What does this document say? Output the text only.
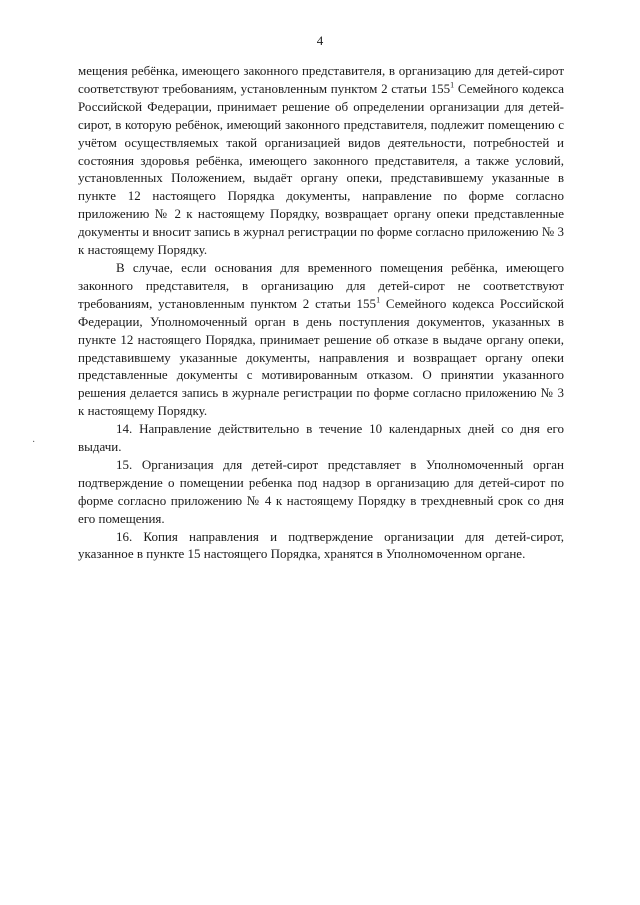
4
·

мещения ребёнка, имеющего законного представителя, в организацию для детей-сирот соответствуют требованиям, установленным пунктом 2 статьи $155^1$ Семейного кодекса Российской Федерации, принимает решение об определении организации для детей-сирот, в которую ребёнок, имеющий законного представителя, подлежит помещению с учётом осуществляемых такой организацией видов деятельности, потребностей и состояния здоровья ребёнка, имеющего законного представителя, а также условий, установленных Положением, выдаёт органу опеки, представившему указанные в пункте 12 настоящего Порядка документы, направление по форме согласно приложению № 2 к настоящему Порядку, возвращает органу опеки представленные документы и вносит запись в журнал регистрации по форме согласно приложению № 3 к настоящему Порядку.

В случае, если основания для временного помещения ребёнка, имеющего законного представителя, в организацию для детей-сирот не соответствуют требованиям, установленным пунктом 2 статьи $155^1$ Семейного кодекса Российской Федерации, Уполномоченный орган в день поступления документов, указанных в пункте 12 настоящего Порядка, принимает решение об отказе в выдаче органу опеки, представившему указанные документы, направления и возвращает органу опеки представленные документы с мотивированным отказом. О принятии указанного решения делается запись в журнале регистрации по форме согласно приложению № 3 к настоящему Порядку.

14. Направление действительно в течение 10 календарных дней со дня его выдачи.

15. Организация для детей-сирот представляет в Уполномоченный орган подтверждение о помещении ребенка под надзор в организацию для детей-сирот по форме согласно приложению № 4 к настоящему Порядку в трехдневный срок со дня его помещения.

16. Копия направления и подтверждение организации для детей-сирот, указанное в пункте 15 настоящего Порядка, хранятся в Уполномоченном органе.
